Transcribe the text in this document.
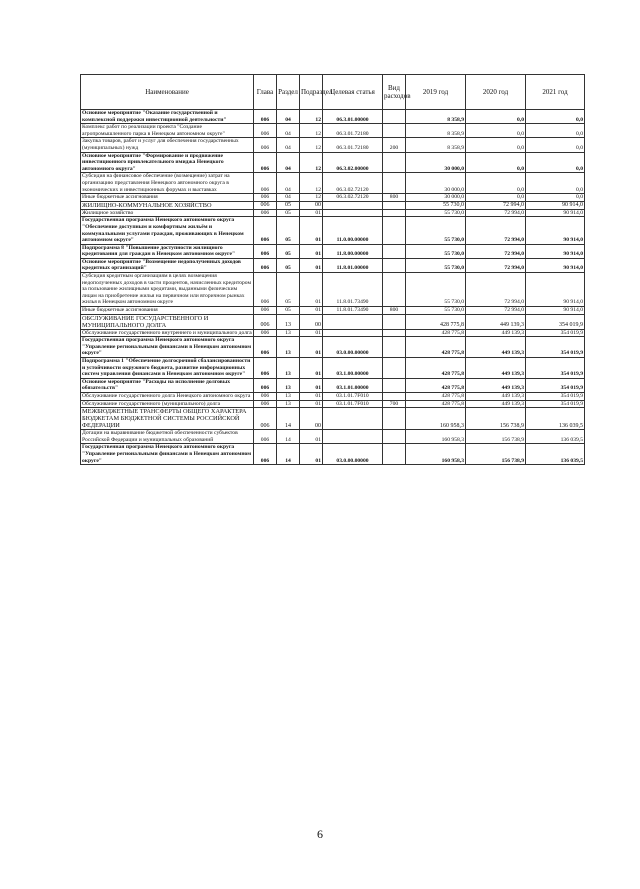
Наименование	Глава	Раздел	Подраздел	Целевая статья	Вид расходов	2019 год	2020 год	2021 год
Основное мероприятие "Оказание государственной и комплексной поддержки инвестиционной деятельности"	006	04	12	06.3.01.00000		8 358,9	0,0	0,0
Комплекс работ по реализации проекта "Создание агропромышленного парка в Ненецком автономном округе"	006	04	12	06.3.01.72180		8 358,9	0,0	0,0
Закупка товаров, работ и услуг для обеспечения государственных (муниципальных) нужд	006	04	12	06.3.01.72180	200	8 358,9	0,0	0,0
Основное мероприятие "Формирование и продвижение инвестиционного привлекательного имиджа Ненецкого автономного округа"	006	04	12	06.3.02.00000		30 000,0	0,0	0,0
Субсидия на финансовое обеспечение (возмещение) затрат на организацию представления Ненецкого автономного округа в экономических и инвестиционных форумах и выставках	006	04	12	06.3.02.72120		30 000,0	0,0	0,0
Иные бюджетные ассигнования	006	04	12	06.3.02.72120	800	30 000,0	0,0	0,0
ЖИЛИЩНО-КОММУНАЛЬНОЕ ХОЗЯЙСТВО	006	05	00			55 730,0	72 994,0	90 914,0
Жилищное хозяйство	006	05	01			55 730,0	72 994,0	90 914,0
Государственная программа Ненецкого автономного округа "Обеспечение доступным и комфортным жильём и коммунальными услугами граждан, проживающих в Ненецком автономном округе"	006	05	01	11.0.00.00000		55 730,0	72 994,0	90 914,0
Подпрограмма 8 "Повышение доступности жилищного кредитования для граждан в Ненецком автономном округе"	006	05	01	11.8.00.00000		55 730,0	72 994,0	90 914,0
Основное мероприятие "Возмещение недополученных доходов кредитных организаций"	006	05	01	11.8.01.00000		55 730,0	72 994,0	90 914,0
Субсидия кредитным организациям в целях возмещения недополученных доходов в части процентов, начисленных кредитором за пользование жилищными кредитами, выданными физическим лицам на приобретение жилья на первичном или вторичном рынках жилья в Ненецком автономном округе	006	05	01	11.8.01.73490		55 730,0	72 994,0	90 914,0
Иные бюджетные ассигнования	006	05	01	11.8.01.73490	800	55 730,0	72 994,0	90 914,0
ОБСЛУЖИВАНИЕ ГОСУДАРСТВЕННОГО И МУНИЦИПАЛЬНОГО ДОЛГА	006	13	00			428 775,8	449 139,3	354 019,9
Обслуживание государственного внутреннего и муниципального долга	006	13	01			428 775,8	449 139,3	354 019,9
Государственная программа Ненецкого автономного округа "Управление региональными финансами в Ненецком автономном округе"	006	13	01	03.0.00.00000		428 775,8	449 139,3	354 019,9
Подпрограмма 1 "Обеспечение долгосрочной сбалансированности и устойчивости окружного бюджета, развитие информационных систем управления финансами в Ненецком автономном округе"	006	13	01	03.1.00.00000		428 775,8	449 139,3	354 019,9
Основное мероприятие "Расходы на исполнение долговых обязательств"	006	13	01	03.1.01.00000		428 775,8	449 139,3	354 019,9
Обслуживание государственного долга Ненецкого автономного округа	006	13	01	03.1.01.7F010		428 775,8	449 139,3	354 019,9
Обслуживание государственного (муниципального) долга	006	13	01	03.1.01.7F010	700	428 775,8	449 139,3	354 019,9
МЕЖБЮДЖЕТНЫЕ ТРАНСФЕРТЫ ОБЩЕГО ХАРАКТЕРА БЮДЖЕТАМ БЮДЖЕТНОЙ СИСТЕМЫ РОССИЙСКОЙ ФЕДЕРАЦИИ	006	14	00			160 958,3	156 738,9	136 039,5
Дотации на выравнивание бюджетной обеспеченности субъектов Российской Федерации и муниципальных образований	006	14	01			160 958,3	156 738,9	136 039,5
Государственная программа Ненецкого автономного округа "Управление региональными финансами в Ненецком автономном округе"	006	14	01	03.0.00.00000		160 958,3	156 738,9	136 039,5
6
